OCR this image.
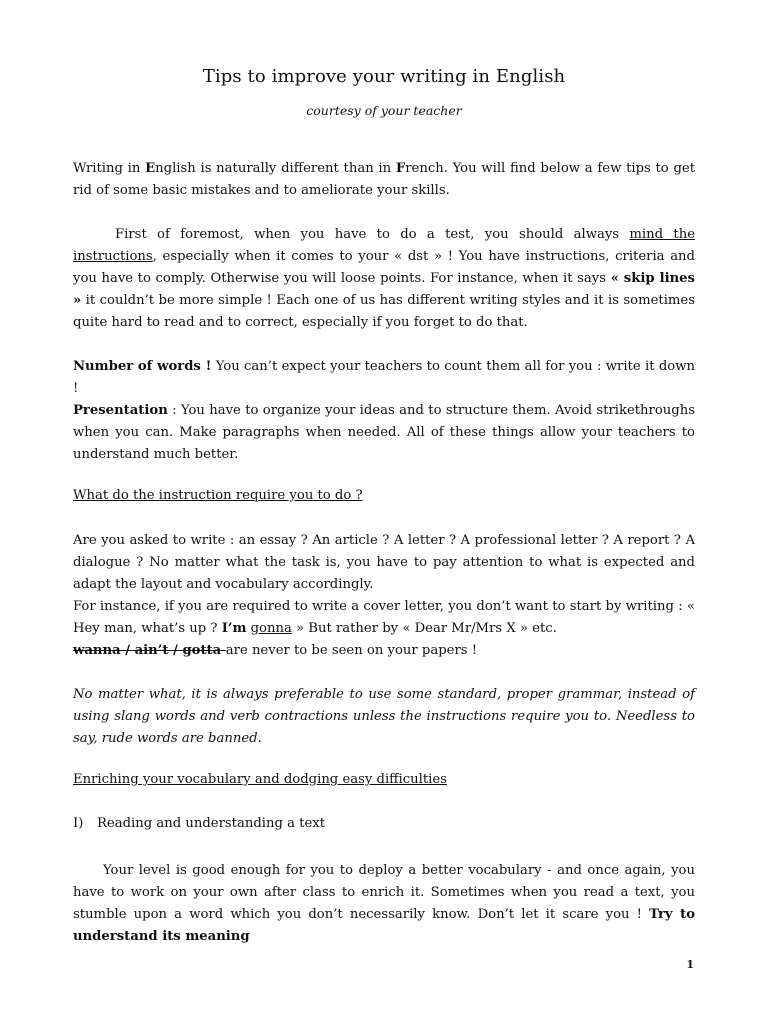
Tips to improve your writing in English
courtesy of your teacher

Writing in English is naturally different than in French. You will find below a few tips to get rid of some basic mistakes and to ameliorate your skills.

First of foremost, when you have to do a test, you should always mind the instructions, especially when it comes to your « dst » ! You have instructions, criteria and you have to comply. Otherwise you will loose points. For instance, when it says « skip lines » it couldn’t be more simple ! Each one of us has different writing styles and it is sometimes quite hard to read and to correct, especially if you forget to do that.

Number of words ! You can’t expect your teachers to count them all for you : write it down !

Presentation : You have to organize your ideas and to structure them. Avoid strikethroughs when you can. Make paragraphs when needed. All of these things allow your teachers to understand much better.

What do the instruction require you to do ?

Are you asked to write : an essay ? An article ? A letter ? A professional letter ? A report ? A dialogue ? No matter what the task is, you have to pay attention to what is expected and adapt the layout and vocabulary accordingly.

For instance, if you are required to write a cover letter, you don’t want to start by writing : « Hey man, what’s up ? I’m gonna » But rather by « Dear Mr/Mrs X » etc.

wanna / ain’t / gotta are never to be seen on your papers !

No matter what, it is always preferable to use some standard, proper grammar, instead of using slang words and verb contractions unless the instructions require you to. Needless to say, rude words are banned.

Enriching your vocabulary and dodging easy difficulties
I) Reading and understanding a text

Your level is good enough for you to deploy a better vocabulary - and once again, you have to work on your own after class to enrich it. Sometimes when you read a text, you stumble upon a word which you don’t necessarily know. Don’t let it scare you ! Try to understand its meaning

1
